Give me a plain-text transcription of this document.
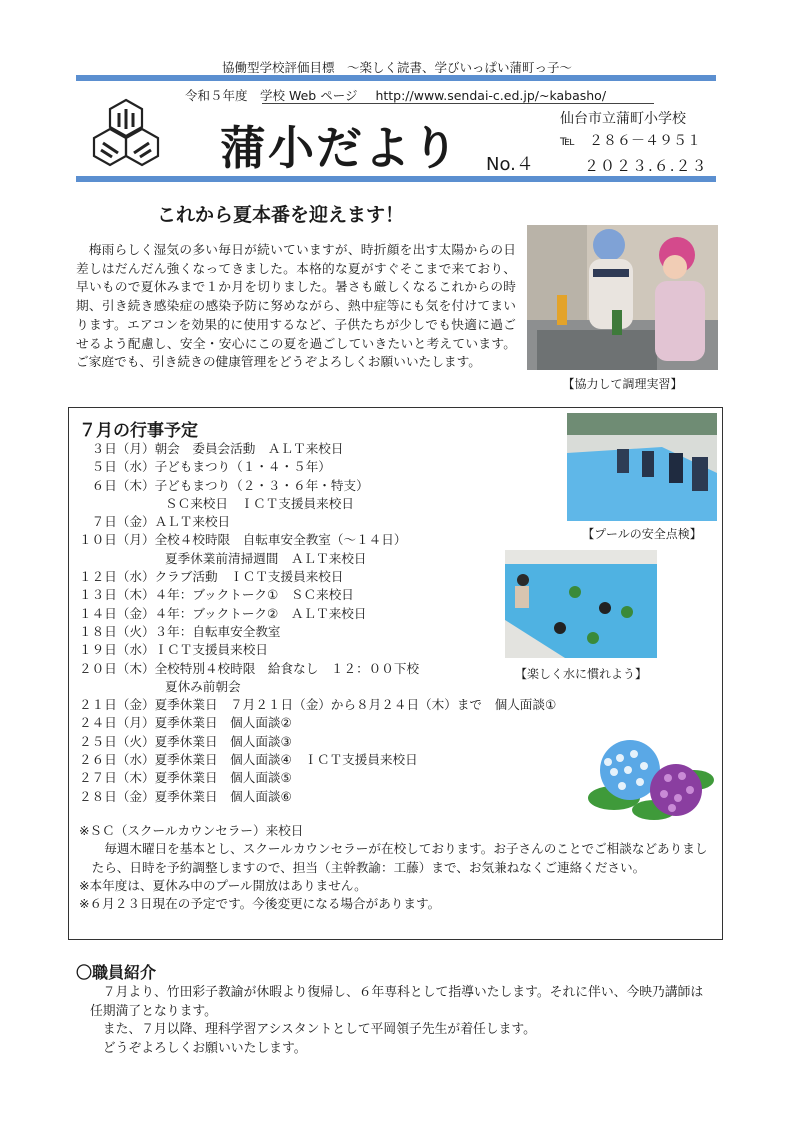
協働型学校評価目標　～楽しく読書、学びいっぱい蒲町っ子～
令和５年度　学校 Web ページ http://www.sendai-c.ed.jp/~kabasho/
蒲小だより No.４
仙台市立蒲町小学校
℡　２８６－４９５１
２０２３.６.２３
これから夏本番を迎えます！
梅雨らしく湿気の多い毎日が続いていますが、時折顔を出す太陽からの日差しはだんだん強くなってきました。本格的な夏がすぐそこまで来ており、早いもので夏休みまで１か月を切りました。暑さも厳しくなるこれからの時期、引き続き感染症の感染予防に努めながら、熱中症等にも気を付けてまいります。エアコンを効果的に使用するなど、子供たちが少しでも快適に過ごせるよう配慮し、安全・安心にこの夏を過ごしていきたいと考えています。ご家庭でも、引き続きの健康管理をどうぞよろしくお願いいたします。
【協力して調理実習】
７月の行事予定
　３日（月）朝会　委員会活動　ＡＬＴ来校日
　５日（水）子どもまつり（１・４・５年）
　６日（木）子どもまつり（２・３・６年・特支）
ＳＣ来校日　ＩＣＴ支援員来校日
　７日（金）ＡＬＴ来校日
１０日（月）全校４校時限　自転車安全教室（～１４日）
夏季休業前清掃週間　ＡＬＴ来校日
１２日（水）クラブ活動　ＩＣＴ支援員来校日
１３日（木）４年：ブックトーク①　ＳＣ来校日
１４日（金）４年：ブックトーク②　ＡＬＴ来校日
１８日（火）３年：自転車安全教室
１９日（水）ＩＣＴ支援員来校日
２０日（木）全校特別４校時限　給食なし　１２：００下校
夏休み前朝会
２１日（金）夏季休業日　７月２１日（金）から８月２４日（木）まで　個人面談①
２４日（月）夏季休業日　個人面談②
２５日（火）夏季休業日　個人面談③
２６日（水）夏季休業日　個人面談④　ＩＣＴ支援員来校日
２７日（木）夏季休業日　個人面談⑤
２８日（金）夏季休業日　個人面談⑥
※ＳＣ（スクールカウンセラー）来校日
毎週木曜日を基本とし、スクールカウンセラーが在校しております。お子さんのことでご相談などありましたら、日時を予約調整しますので、担当（主幹教諭：工藤）まで、お気兼ねなくご連絡ください。
※本年度は、夏休み中のプール開放はありません。
※６月２３日現在の予定です。今後変更になる場合があります。
【プールの安全点検】
【楽しく水に慣れよう】
〇職員紹介

７月より、竹田彩子教諭が休暇より復帰し、６年専科として指導いたします。それに伴い、今映乃講師は任期満了となります。

また、７月以降、理科学習アシスタントとして平岡領子先生が着任します。

どうぞよろしくお願いいたします。
